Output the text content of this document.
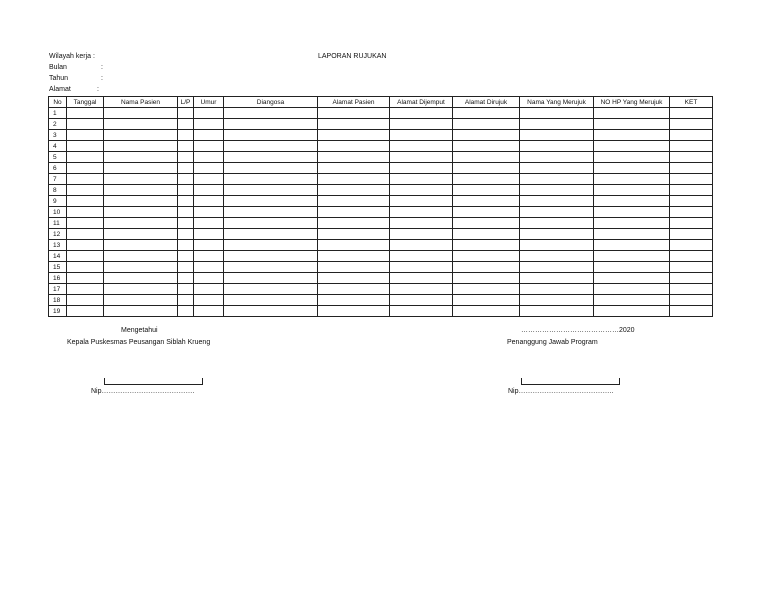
Wilayah kerja :
Bulan	:
Tahun	:
Alamat	:
LAPORAN RUJUKAN
No	Tanggal	Nama Pasien	L/P	Umur	Diangosa	Alamat Pasien	Alamat Dijemput	Alamat Dirujuk	Nama Yang Merujuk	NO HP Yang Merujuk	KET
1											
2											
3											
4											
5											
6											
7											
8											
9											
10											
11											
12											
13											
14											
15											
16											
17											
18											
19											
Mengetahui
Kepala Puskesmas Peusangan Siblah Krueng
Nip………………………………….
……………………………………2020
Penanggung Jawab Program
Nip…………………………………..
